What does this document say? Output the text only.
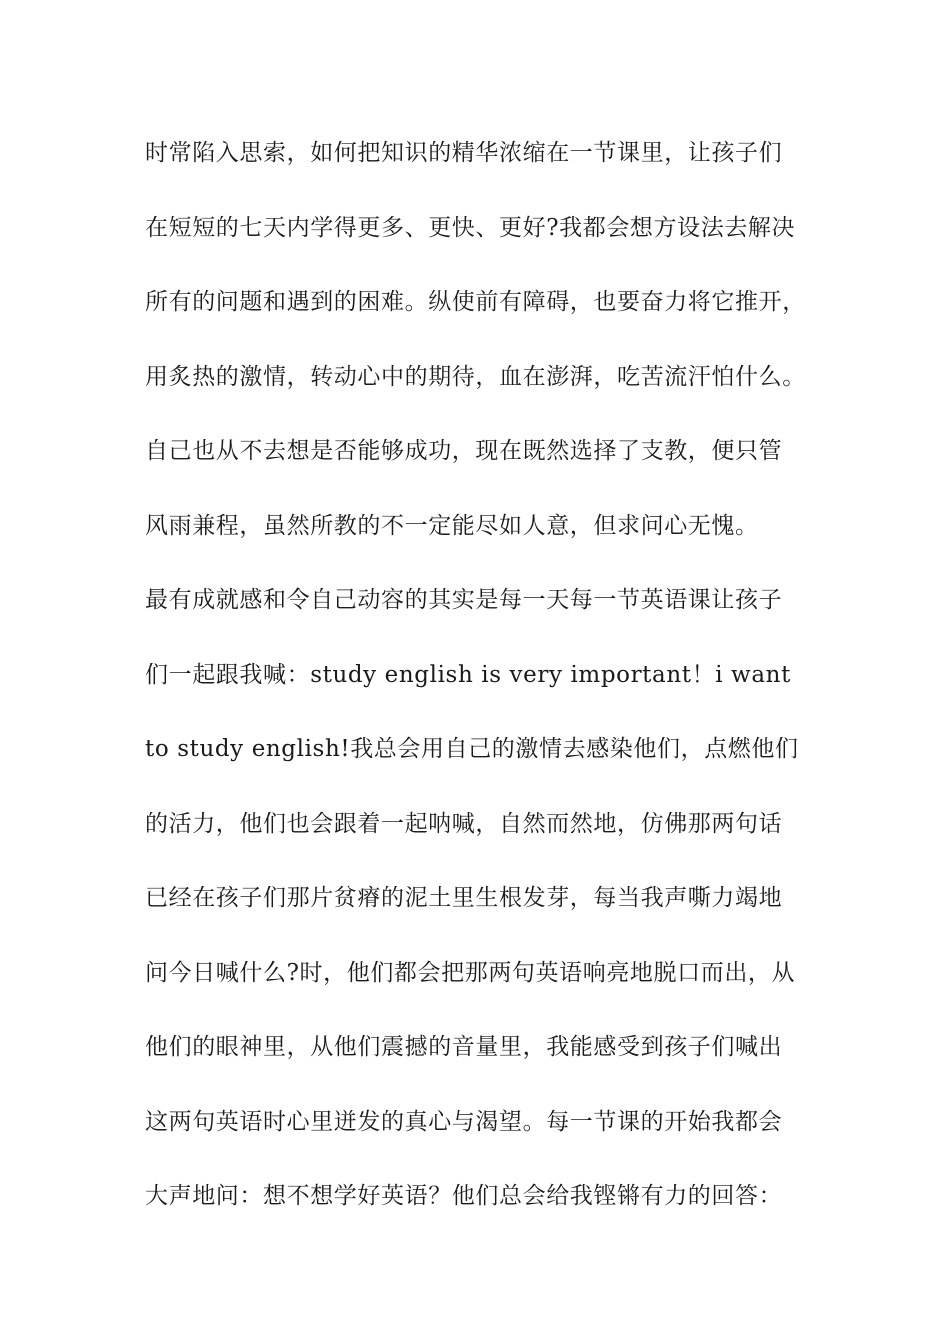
时常陷入思索，如何把知识的精华浓缩在一节课里，让孩子们
在短短的七天内学得更多、更快、更好?我都会想方设法去解决
所有的问题和遇到的困难。纵使前有障碍，也要奋力将它推开，
用炙热的激情，转动心中的期待，血在澎湃，吃苦流汗怕什么。
自己也从不去想是否能够成功，现在既然选择了支教，便只管
风雨兼程，虽然所教的不一定能尽如人意，但求问心无愧。
最有成就感和令自己动容的其实是每一天每一节英语课让孩子
们一起跟我喊：study english is very important！i want
to study english!我总会用自己的激情去感染他们，点燃他们
的活力，他们也会跟着一起呐喊，自然而然地，仿佛那两句话
已经在孩子们那片贫瘠的泥土里生根发芽，每当我声嘶力竭地
问今日喊什么?时，他们都会把那两句英语响亮地脱口而出，从
他们的眼神里，从他们震撼的音量里，我能感受到孩子们喊出
这两句英语时心里迸发的真心与渴望。每一节课的开始我都会
大声地问：想不想学好英语？他们总会给我铿锵有力的回答：
